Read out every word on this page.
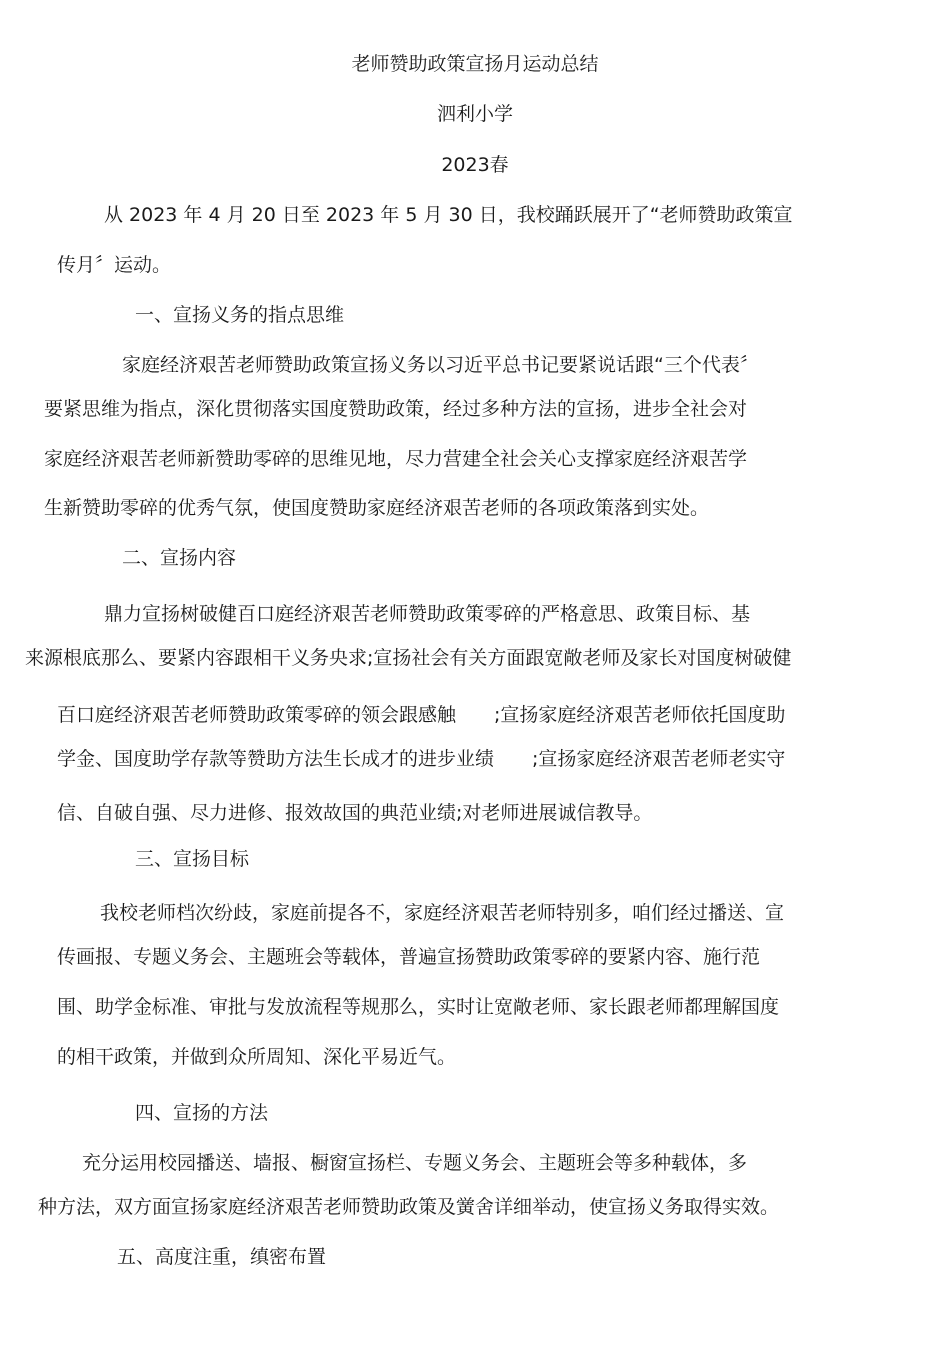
老师赞助政策宣扬月运动总结
泗利小学
2023春
从 2023 年 4 月 20 日至 2023 年 5 月 30 日，我校踊跃展开了“老师赞助政策宣
传月〞运动。
一、宣扬义务的指点思维
家庭经济艰苦老师赞助政策宣扬义务以习近平总书记要紧说话跟“三个代表〞
要紧思维为指点，深化贯彻落实国度赞助政策，经过多种方法的宣扬，进步全社会对
家庭经济艰苦老师新赞助零碎的思维见地，尽力营建全社会关心支撑家庭经济艰苦学
生新赞助零碎的优秀气氛，使国度赞助家庭经济艰苦老师的各项政策落到实处。
二、宣扬内容
鼎力宣扬树破健百口庭经济艰苦老师赞助政策零碎的严格意思、政策目标、基
来源根底那么、要紧内容跟相干义务央求;宣扬社会有关方面跟宽敞老师及家长对国度树破健
百口庭经济艰苦老师赞助政策零碎的领会跟感触　　;宣扬家庭经济艰苦老师依托国度助
学金、国度助学存款等赞助方法生长成才的进步业绩　　;宣扬家庭经济艰苦老师老实守
信、自破自强、尽力进修、报效故国的典范业绩;对老师进展诚信教导。
三、宣扬目标
我校老师档次纷歧，家庭前提各不，家庭经济艰苦老师特别多，咱们经过播送、宣
传画报、专题义务会、主题班会等载体，普遍宣扬赞助政策零碎的要紧内容、施行范
围、助学金标准、审批与发放流程等规那么，实时让宽敞老师、家长跟老师都理解国度
的相干政策，并做到众所周知、深化平易近气。
四、宣扬的方法
充分运用校园播送、墙报、橱窗宣扬栏、专题义务会、主题班会等多种载体，多
种方法，双方面宣扬家庭经济艰苦老师赞助政策及黉舍详细举动，使宣扬义务取得实效。
五、高度注重，缜密布置
